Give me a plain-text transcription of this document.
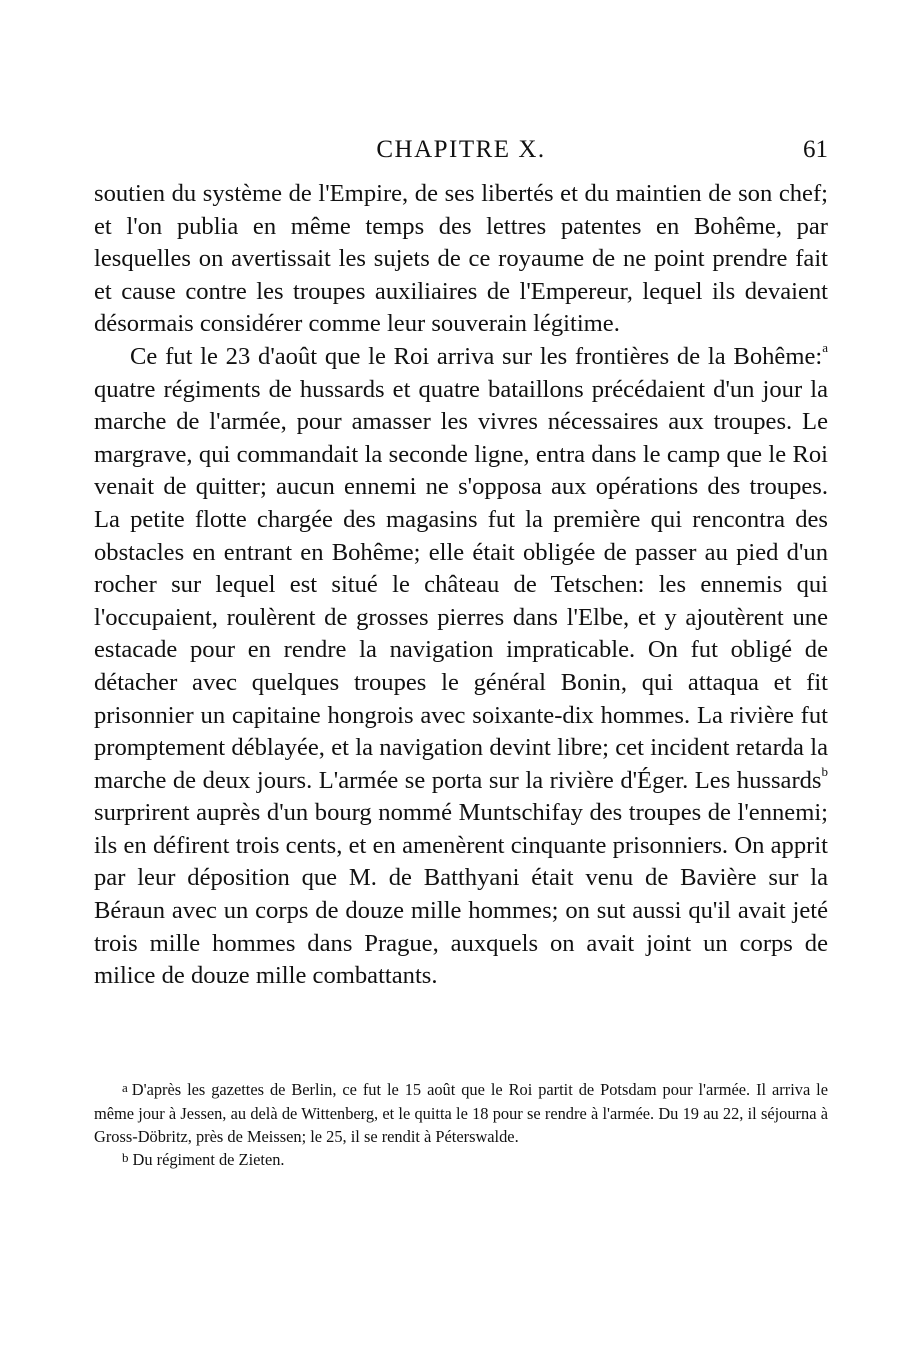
CHAPITRE X.	61

soutien du système de l'Empire, de ses libertés et du maintien de son chef; et l'on publia en même temps des lettres patentes en Bohême, par lesquelles on avertissait les sujets de ce royaume de ne point prendre fait et cause contre les troupes auxiliaires de l'Empereur, lequel ils devaient désormais considérer comme leur souverain légitime.

Ce fut le 23 d'août que le Roi arriva sur les frontières de la Bohême:$^a$ quatre régiments de hussards et quatre bataillons précédaient d'un jour la marche de l'armée, pour amasser les vivres nécessaires aux troupes. Le margrave, qui commandait la seconde ligne, entra dans le camp que le Roi venait de quitter; aucun ennemi ne s'opposa aux opérations des troupes. La petite flotte chargée des magasins fut la première qui rencontra des obstacles en entrant en Bohême; elle était obligée de passer au pied d'un rocher sur lequel est situé le château de Tetschen: les ennemis qui l'occupaient, roulèrent de grosses pierres dans l'Elbe, et y ajoutèrent une estacade pour en rendre la navigation impraticable. On fut obligé de détacher avec quelques troupes le général Bonin, qui attaqua et fit prisonnier un capitaine hongrois avec soixante-dix hommes. La rivière fut promptement déblayée, et la navigation devint libre; cet incident retarda la marche de deux jours. L'armée se porta sur la rivière d'Éger. Les hussards$^b$ surprirent auprès d'un bourg nommé Muntschifay des troupes de l'ennemi; ils en défirent trois cents, et en amenèrent cinquante prisonniers. On apprit par leur déposition que M. de Batthyani était venu de Bavière sur la Béraun avec un corps de douze mille hommes; on sut aussi qu'il avait jeté trois mille hommes dans Prague, auxquels on avait joint un corps de milice de douze mille combattants.

a D'après les gazettes de Berlin, ce fut le 15 août que le Roi partit de Potsdam pour l'armée. Il arriva le même jour à Jessen, au delà de Wittenberg, et le quitta le 18 pour se rendre à l'armée. Du 19 au 22, il séjourna à Gross-Döbritz, près de Meissen; le 25, il se rendit à Péterswalde.

b Du régiment de Zieten.
